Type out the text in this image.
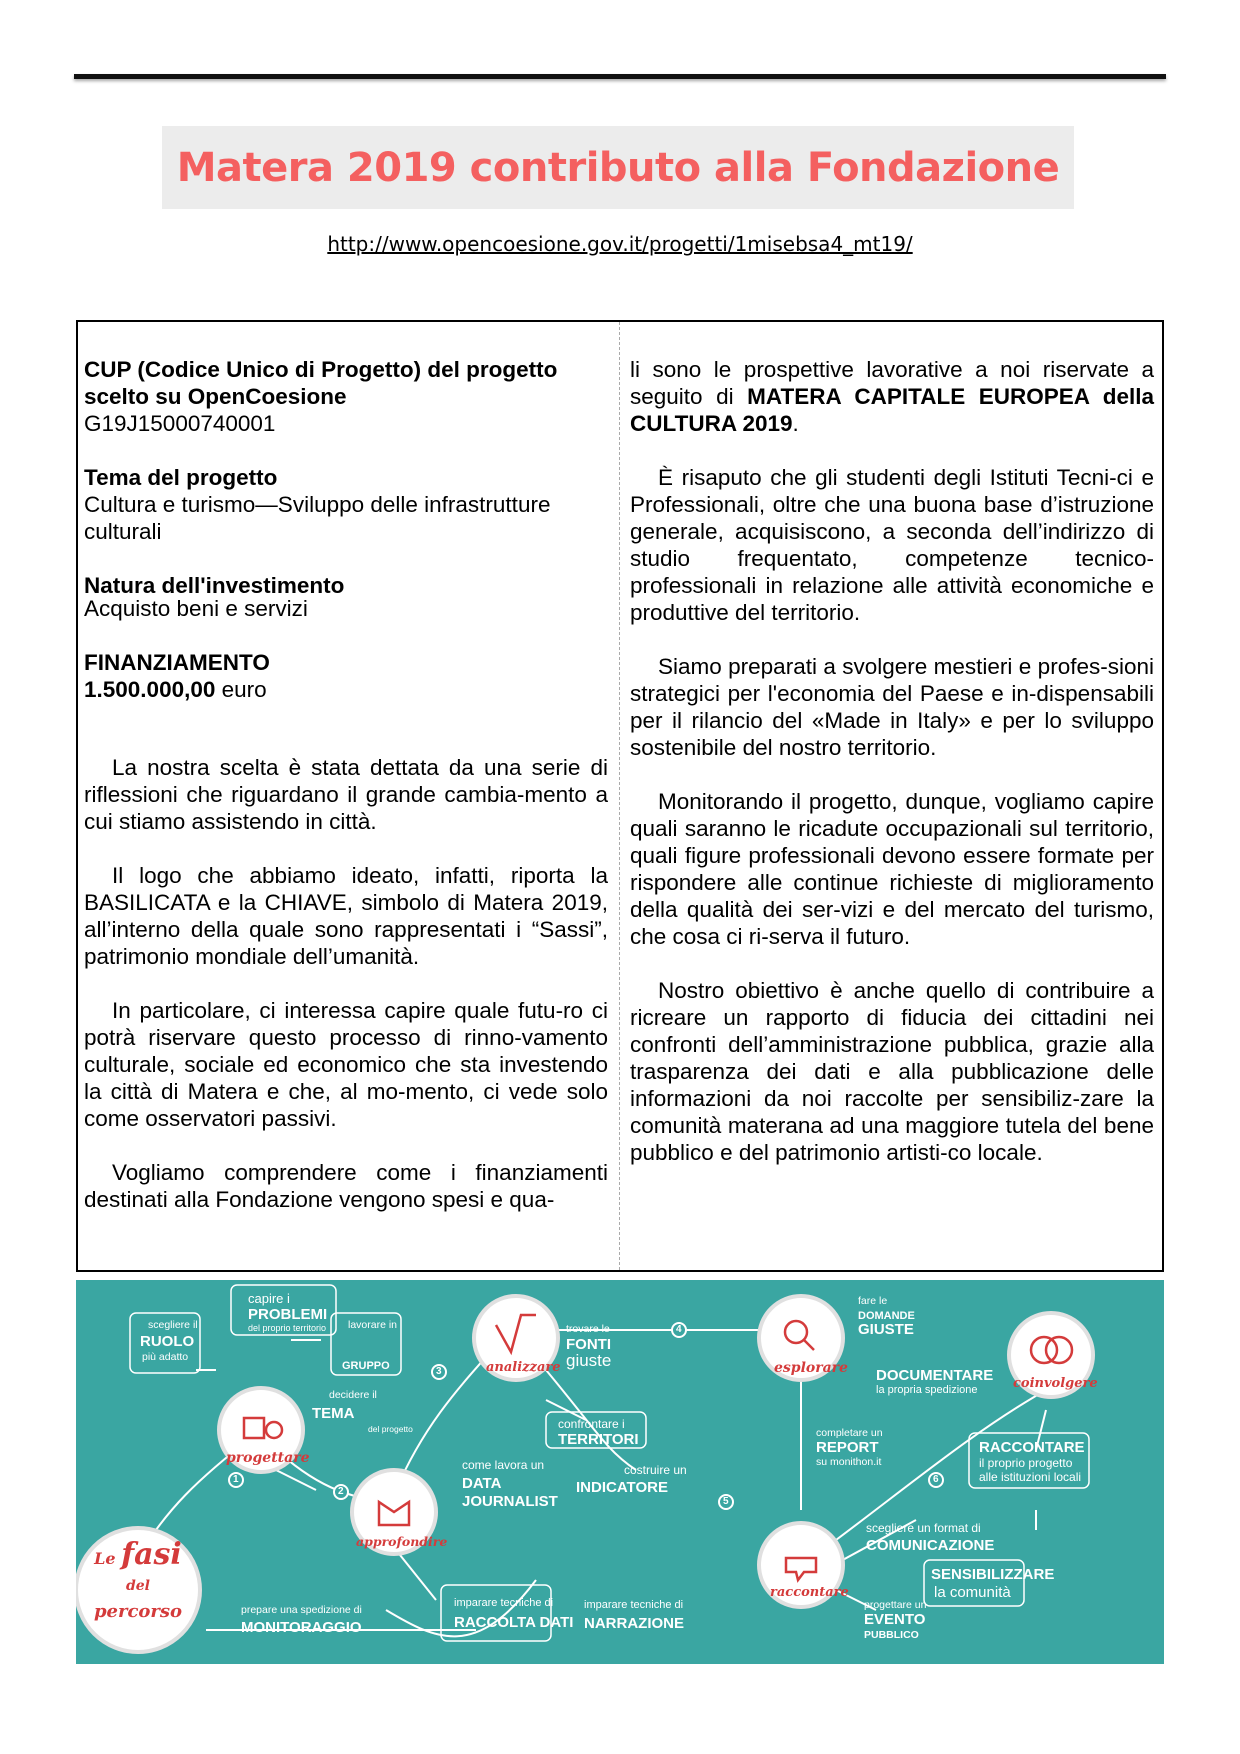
Matera 2019 contributo alla Fondazione
http://www.opencoesione.gov.it/progetti/1misebsa4_mt19/

CUP (Codice Unico di Progetto) del progetto
scelto su OpenCoesione

G19J15000740001

Tema del progetto

Cultura e turismo—Sviluppo delle infrastrutture culturali

Natura dell'investimento

Acquisto beni e servizi

FINANZIAMENTO

1.500.000,00 euro

La nostra scelta è stata dettata da una serie di riflessioni che riguardano il grande cambia-mento a cui stiamo assistendo in città.

Il logo che abbiamo ideato, infatti, riporta la BASILICATA e la CHIAVE, simbolo di Matera 2019, all’interno della quale sono rappresentati i “Sassi”, patrimonio mondiale dell’umanità.

In particolare, ci interessa capire quale futu-ro ci potrà riservare questo processo di rinno-vamento culturale, sociale ed economico che sta investendo la città di Matera e che, al mo-mento, ci vede solo come osservatori passivi.

Vogliamo comprendere come i finanziamenti destinati alla Fondazione vengono spesi e qua-

li sono le prospettive lavorative a noi riservate a seguito di MATERA CAPITALE EUROPEA della CULTURA 2019.

È risaputo che gli studenti degli Istituti Tecni-ci e Professionali, oltre che una buona base d’istruzione generale, acquisiscono, a seconda dell’indirizzo di studio frequentato, competenze tecnico-professionali in relazione alle attività economiche e produttive del territorio.

Siamo preparati a svolgere mestieri e profes-sioni strategici per l'economia del Paese e in-dispensabili per il rilancio del «Made in Italy» e per lo sviluppo sostenibile del nostro territorio.

Monitorando il progetto, dunque, vogliamo capire quali saranno le ricadute occupazionali sul territorio, quali figure professionali devono essere formate per rispondere alle continue richieste di miglioramento della qualità dei ser-vizi e del mercato del turismo, che cosa ci ri-serva il futuro.

Nostro obiettivo è anche quello di contribuire a ricreare un rapporto di fiducia dei cittadini nei confronti dell’amministrazione pubblica, grazie alla trasparenza dei dati e alla pubblicazione delle informazioni da noi raccolte per sensibiliz-zare la comunità materana ad una maggiore tutela del bene pubblico e del patrimonio artisti-co locale.

Le fasi del
percorso
progettare
approfondire
analizzare	esplorare
raccontare
coinvolgere
1
2
3
4
5
6
scegliere il
RUOLO
più adatto
capire i
PROBLEMI
del proprio territorio lavorare in
GRUPPO
decidere il
TEMA
del progetto
trovare le
FONTI
giuste
confrontare i
TERRITORI
costruire un
INDICATORE
come lavora un
DATA
JOURNALIST
imparare tecniche di
RACCOLTA DATI
prepare una spedizione di
MONITORAGGIO
fare le
DOMANDE
GIUSTE
DOCUMENTARE
la propria spedizione
completare un
REPORT
su monithon.it
imparare tecniche di
NARRAZIONE
progettare un
EVENTO
PUBBLICO
scegliere un format di
COMUNICAZIONE
RACCONTARE
il proprio progetto
alle istituzioni locali
SENSIBILIZZARE
la comunità
